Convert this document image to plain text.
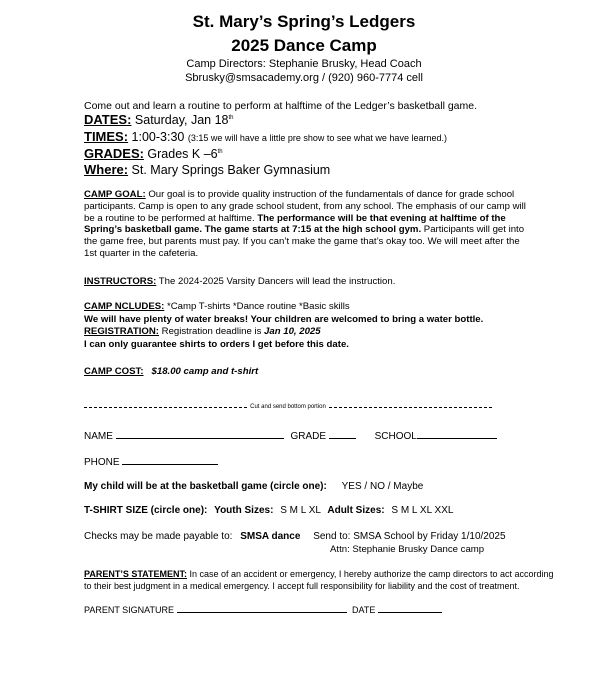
St. Mary’s Spring’s Ledgers
2025 Dance Camp
Camp Directors: Stephanie Brusky, Head Coach
Sbrusky@smsacademy.org / (920) 960-7774 cell
Come out and learn a routine to perform at halftime of the Ledger’s basketball game.
DATES: Saturday, Jan 18th
TIMES: 1:00-3:30 (3:15 we will have a little pre show to see what we have learned.)
GRADES: Grades K –6th
Where: St. Mary Springs Baker Gymnasium
CAMP GOAL: Our goal is to provide quality instruction of the fundamentals of dance for grade school participants. Camp is open to any grade school student, from any school. The emphasis of our camp will be a routine to be performed at halftime. The performance will be that evening at halftime of the Spring’s basketball game. The game starts at 7:15 at the high school gym. Participants will get into the game free, but parents must pay. If you can’t make the game that’s okay too. We will meet after the 1st quarter in the cafeteria.
INSTRUCTORS: The 2024-2025 Varsity Dancers will lead the instruction.
CAMP NCLUDES: *Camp T-shirts *Dance routine *Basic skills
We will have plenty of water breaks! Your children are welcomed to bring a water bottle.
REGISTRATION: Registration deadline is Jan 10, 2025
I can only guarantee shirts to orders I get before this date.
CAMP COST: $18.00 camp and t-shirt
Cut and send bottom portion
NAME	GRADE	SCHOOL
PHONE
My child will be at the basketball game (circle one): YES / NO / Maybe
T-SHIRT SIZE (circle one): Youth Sizes: S M L XL Adult Sizes: S M L XL XXL
Checks may be made payable to: SMSA dance Send to: SMSA School by Friday 1/10/2025
Attn: Stephanie Brusky Dance camp
PARENT’S STATEMENT: In case of an accident or emergency, I hereby authorize the camp directors to act according to their best judgment in a medical emergency. I accept full responsibility for liability and the cost of treatment.
PARENT SIGNATURE	DATE
